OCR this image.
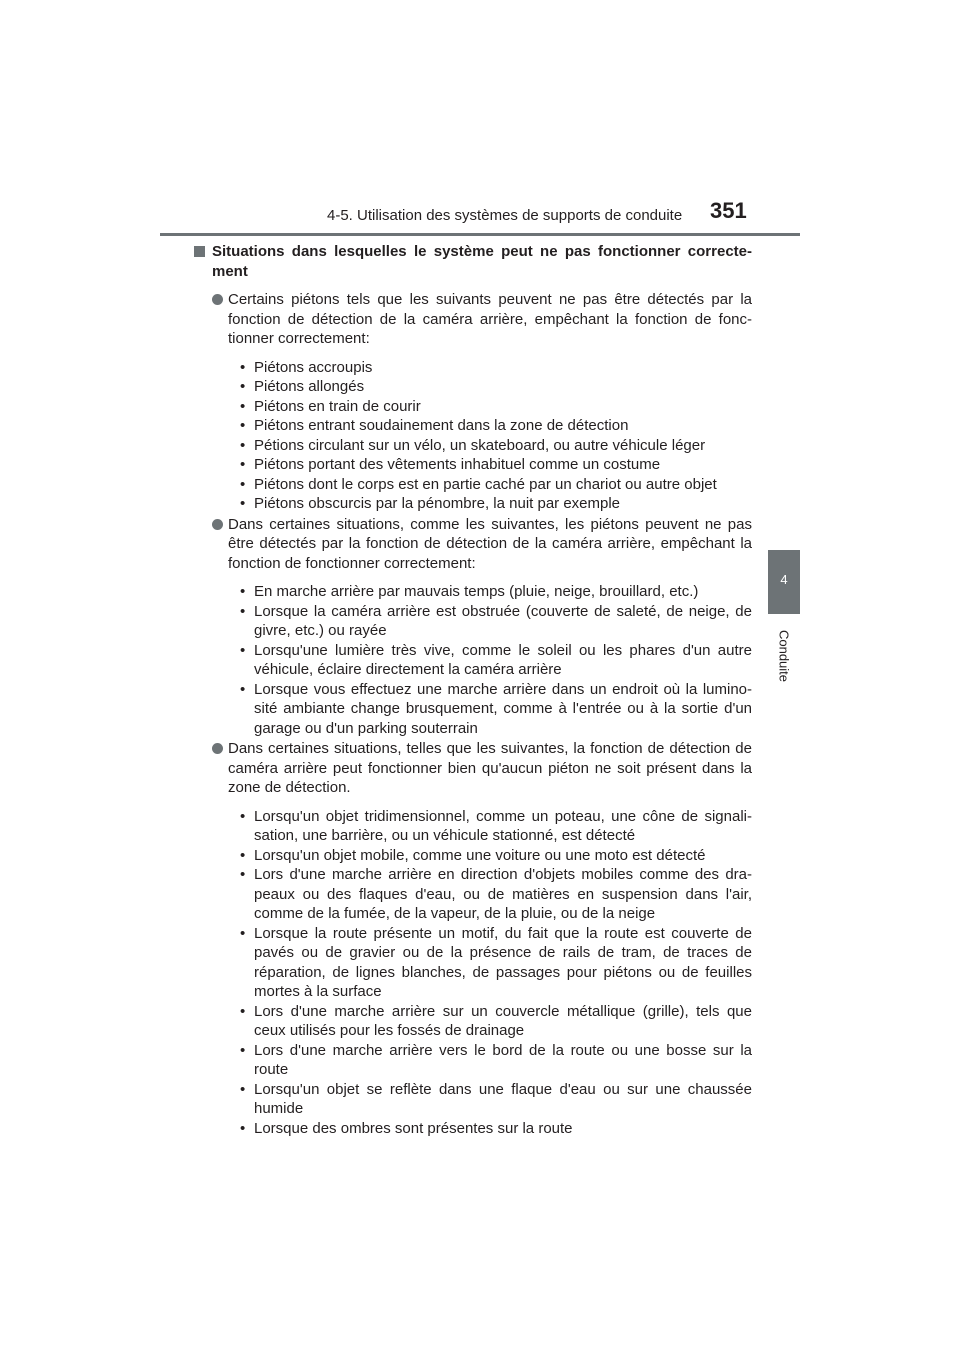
4-5. Utilisation des systèmes de supports de conduite 351
4
Conduite
Situations dans lesquelles le système peut ne pas fonctionner correcte-ment
Certains piétons tels que les suivants peuvent ne pas être détectés par la fonction de détection de la caméra arrière, empêchant la fonction de fonc-tionner correctement:
• Piétons accroupis
• Piétons allongés
• Piétons en train de courir
• Piétons entrant soudainement dans la zone de détection
• Pétions circulant sur un vélo, un skateboard, ou autre véhicule léger
• Piétons portant des vêtements inhabituel comme un costume
• Piétons dont le corps est en partie caché par un chariot ou autre objet
• Piétons obscurcis par la pénombre, la nuit par exemple
Dans certaines situations, comme les suivantes, les piétons peuvent ne pas être détectés par la fonction de détection de la caméra arrière, empêchant la fonction de fonctionner correctement:
• En marche arrière par mauvais temps (pluie, neige, brouillard, etc.)
• Lorsque la caméra arrière est obstruée (couverte de saleté, de neige, de givre, etc.) ou rayée
• Lorsqu'une lumière très vive, comme le soleil ou les phares d'un autre véhicule, éclaire directement la caméra arrière
• Lorsque vous effectuez une marche arrière dans un endroit où la lumino-sité ambiante change brusquement, comme à l'entrée ou à la sortie d'un garage ou d'un parking souterrain
Dans certaines situations, telles que les suivantes, la fonction de détection de caméra arrière peut fonctionner bien qu'aucun piéton ne soit présent dans la zone de détection.
• Lorsqu'un objet tridimensionnel, comme un poteau, une cône de signali-sation, une barrière, ou un véhicule stationné, est détecté
• Lorsqu'un objet mobile, comme une voiture ou une moto est détecté
• Lors d'une marche arrière en direction d'objets mobiles comme des dra-peaux ou des flaques d'eau, ou de matières en suspension dans l'air, comme de la fumée, de la vapeur, de la pluie, ou de la neige
• Lorsque la route présente un motif, du fait que la route est couverte de pavés ou de gravier ou de la présence de rails de tram, de traces de réparation, de lignes blanches, de passages pour piétons ou de feuilles mortes à la surface
• Lors d'une marche arrière sur un couvercle métallique (grille), tels que ceux utilisés pour les fossés de drainage
• Lors d'une marche arrière vers le bord de la route ou une bosse sur la route
• Lorsqu'un objet se reflète dans une flaque d'eau ou sur une chaussée humide
• Lorsque des ombres sont présentes sur la route
